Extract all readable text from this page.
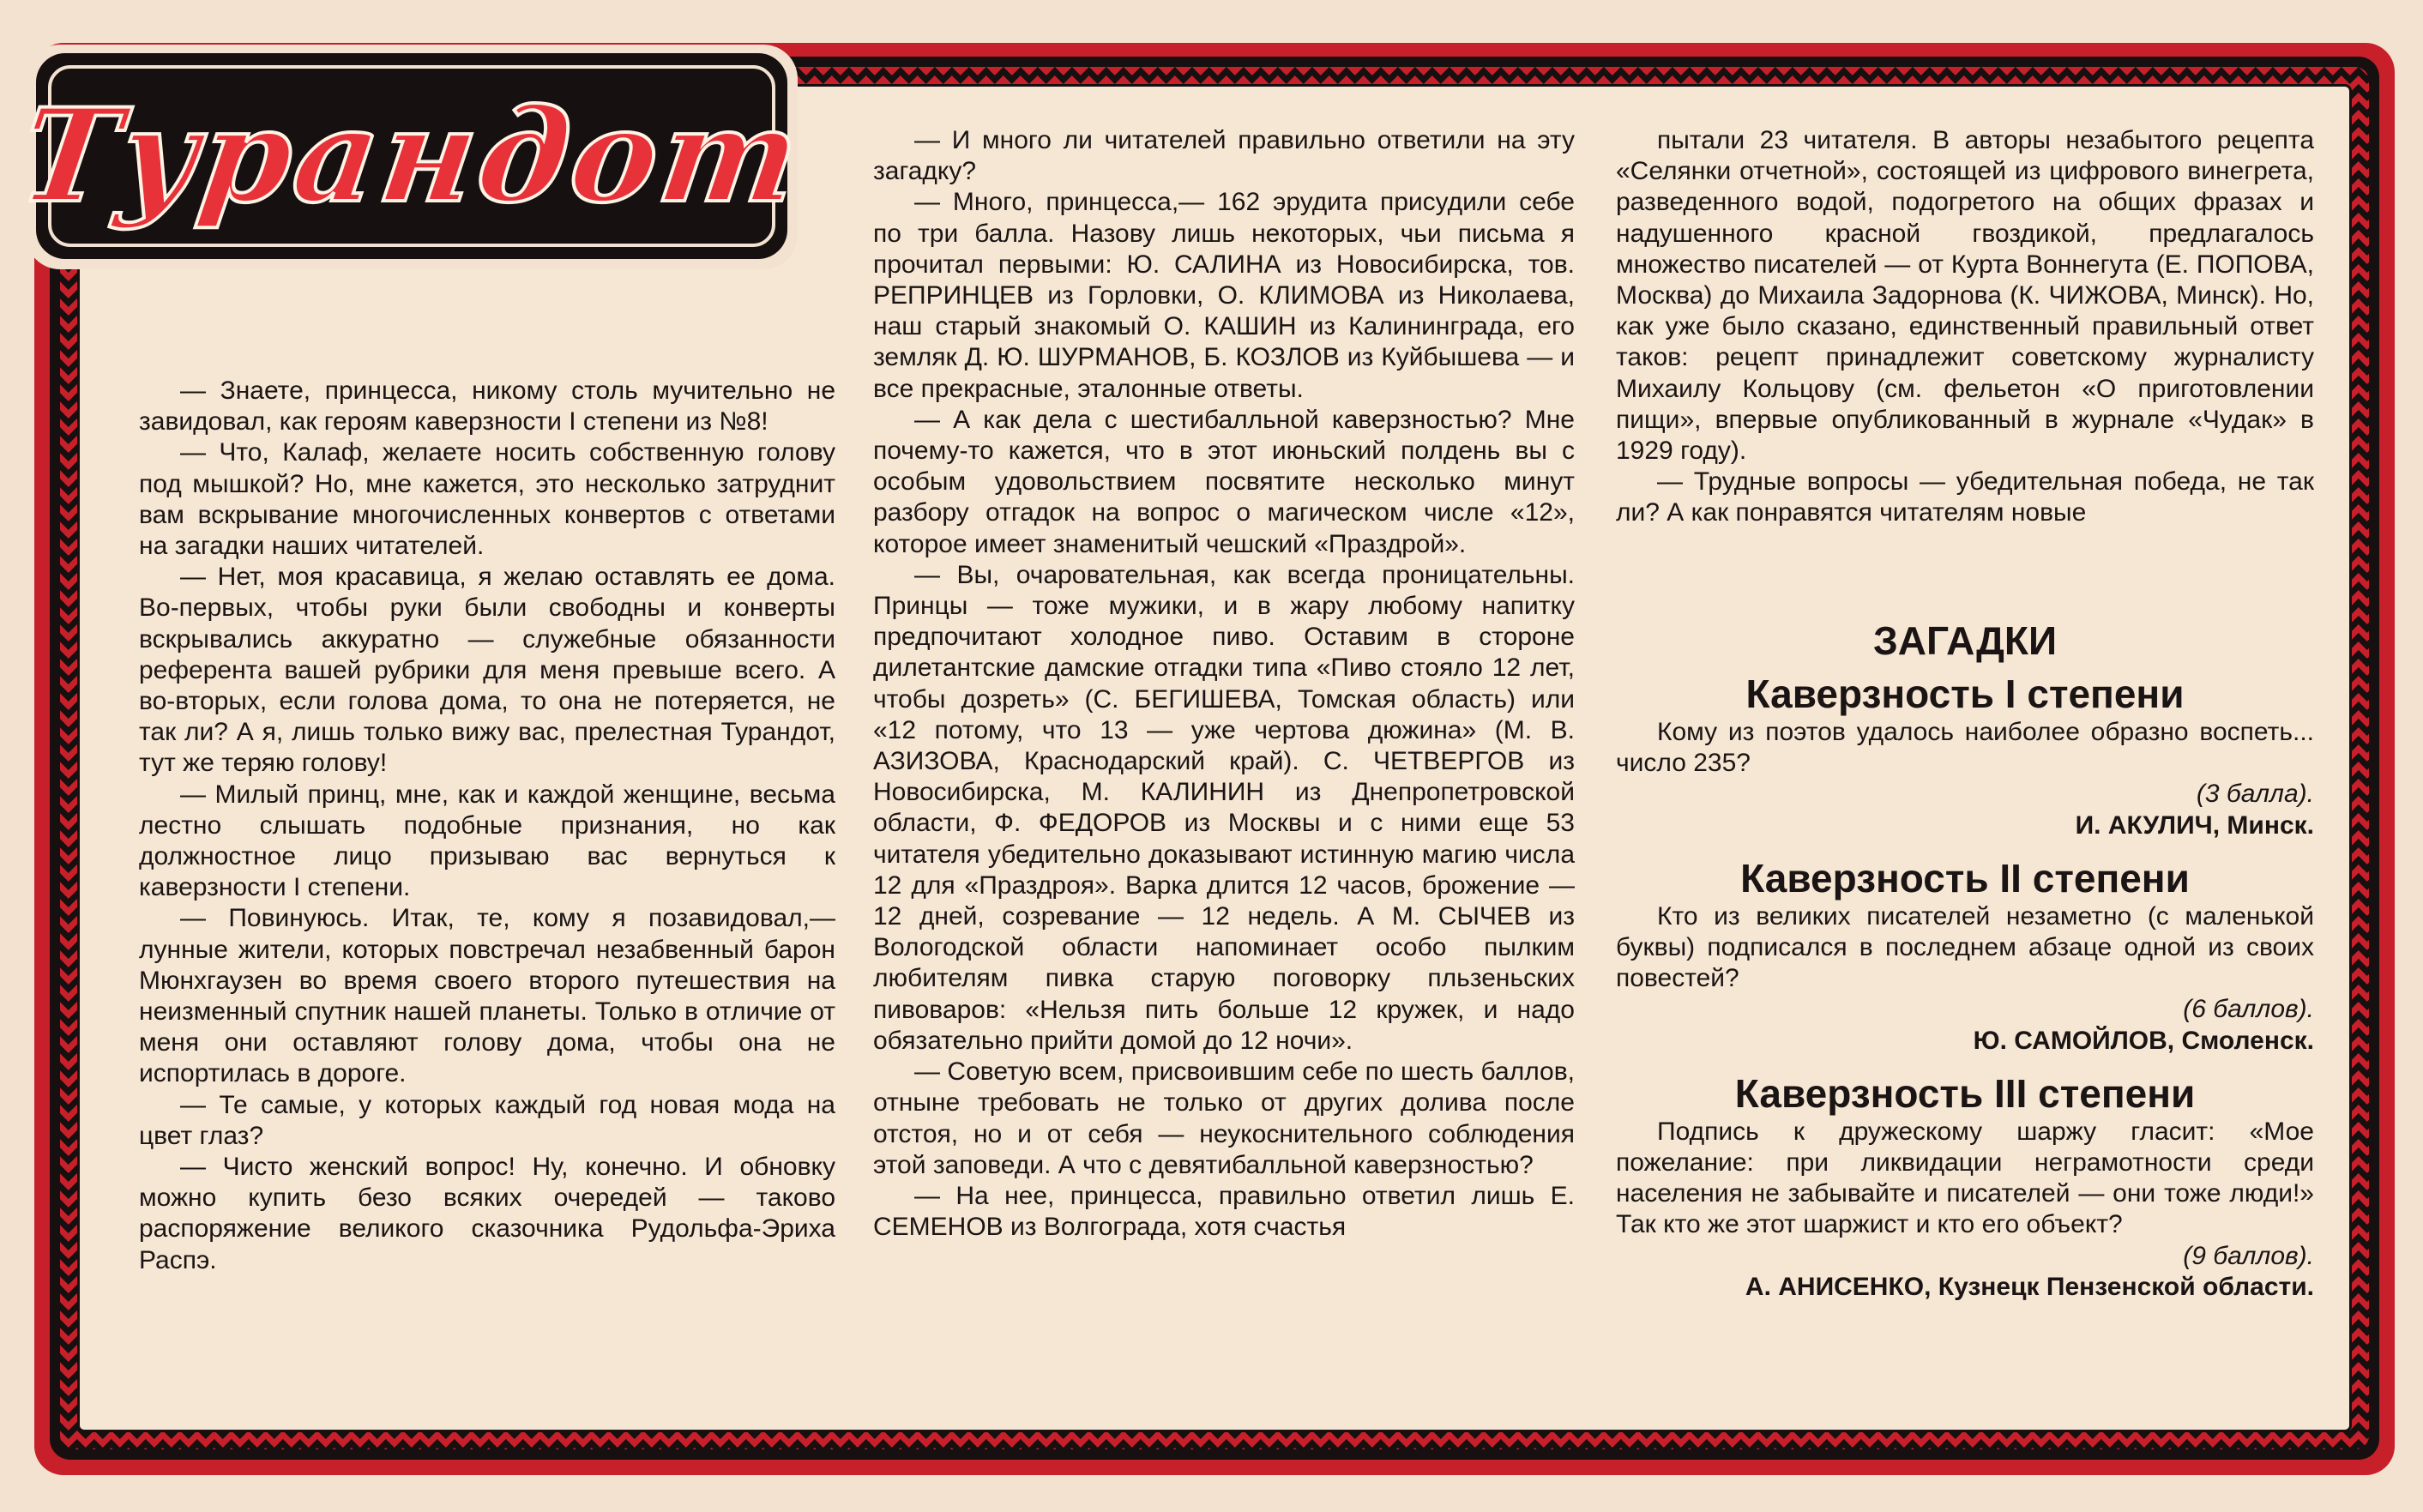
Турандот

— Знаете, принцесса, никому столь мучительно не завидовал, как героям каверзности I степени из №8!

— Что, Калаф, желаете носить собственную голову под мышкой? Но, мне кажется, это несколько затруднит вам вскрывание многочисленных конвертов с ответами на загадки наших читателей.

— Нет, моя красавица, я желаю оставлять ее дома. Во-первых, чтобы руки были свободны и конверты вскрывались аккуратно — служебные обязанности референта вашей рубрики для меня превыше всего. А во-вторых, если голова дома, то она не потеряется, не так ли? А я, лишь только вижу вас, прелестная Турандот, тут же теряю голову!

— Милый принц, мне, как и каждой женщине, весьма лестно слышать подобные признания, но как должностное лицо призываю вас вернуться к каверзности I степени.

— Повинуюсь. Итак, те, кому я позавидовал,— лунные жители, которых повстречал незабвенный барон Мюнхгаузен во время своего второго путешествия на неизменный спутник нашей планеты. Только в отличие от меня они оставляют голову дома, чтобы она не испортилась в дороге.

— Те самые, у которых каждый год новая мода на цвет глаз?

— Чисто женский вопрос! Ну, конечно. И обновку можно купить безо всяких очередей — таково распоряжение великого сказочника Рудольфа-Эриха Распэ.

— И много ли читателей правильно ответили на эту загадку?

— Много, принцесса,— 162 эрудита присудили себе по три балла. Назову лишь некоторых, чьи письма я прочитал первыми: Ю. САЛИНА из Новосибирска, тов. РЕПРИНЦЕВ из Горловки, О. КЛИМОВА из Николаева, наш старый знакомый О. КАШИН из Калининграда, его земляк Д. Ю. ШУРМАНОВ, Б. КОЗЛОВ из Куйбышева — и все прекрасные, эталонные ответы.

— А как дела с шестибалльной каверзностью? Мне почему-то кажется, что в этот июньский полдень вы с особым удовольствием посвятите несколько минут разбору отгадок на вопрос о магическом числе «12», которое имеет знаменитый чешский «Праздрой».

— Вы, очаровательная, как всегда проницательны. Принцы — тоже мужики, и в жару любому напитку предпочитают холодное пиво. Оставим в стороне дилетантские дамские отгадки типа «Пиво стояло 12 лет, чтобы дозреть» (С. БЕГИШЕВА, Томская область) или «12 потому, что 13 — уже чертова дюжина» (М. В. АЗИЗОВА, Краснодарский край). С. ЧЕТВЕРГОВ из Новосибирска, М. КАЛИНИН из Днепропетровской области, Ф. ФЕДОРОВ из Москвы и с ними еще 53 читателя убедительно доказывают истинную магию числа 12 для «Праздроя». Варка длится 12 часов, брожение — 12 дней, созревание — 12 недель. А М. СЫЧЕВ из Вологодской области напоминает особо пылким любителям пивка старую поговорку пльзеньских пивоваров: «Нельзя пить больше 12 кружек, и надо обязательно прийти домой до 12 ночи».

— Советую всем, присвоившим себе по шесть баллов, отныне требовать не только от других долива после отстоя, но и от себя — неукоснительного соблюдения этой заповеди. А что с девятибалльной каверзностью?

— На нее, принцесса, правильно ответил лишь Е. СЕМЕНОВ из Волгограда, хотя счастья

пытали 23 читателя. В авторы незабытого рецепта «Селянки отчетной», состоящей из цифрового винегрета, разведенного водой, подогретого на общих фразах и надушенного красной гвоздикой, предлагалось множество писателей — от Курта Воннегута (Е. ПОПОВА, Москва) до Михаила Задорнова (К. ЧИЖОВА, Минск). Но, как уже было сказано, единственный правильный ответ таков: рецепт принадлежит советскому журналисту Михаилу Кольцову (см. фельетон «О приготовлении пищи», впервые опубликованный в журнале «Чудак» в 1929 году).

— Трудные вопросы — убедительная победа, не так ли? А как понравятся читателям новые

ЗАГАДКИ
Каверзность I степени

Кому из поэтов удалось наиболее образно воспеть... число 235?

(3 балла).
И. АКУЛИЧ, Минск.
Каверзность II степени

Кто из великих писателей незаметно (с маленькой буквы) подписался в последнем абзаце одной из своих повестей?

(6 баллов).
Ю. САМОЙЛОВ, Смоленск.
Каверзность III степени

Подпись к дружескому шаржу гласит: «Мое пожелание: при ликвидации неграмотности среди населения не забывайте и писателей — они тоже люди!» Так кто же этот шаржист и кто его объект?

(9 баллов).
А. АНИСЕНКО, Кузнецк Пензенской области.
